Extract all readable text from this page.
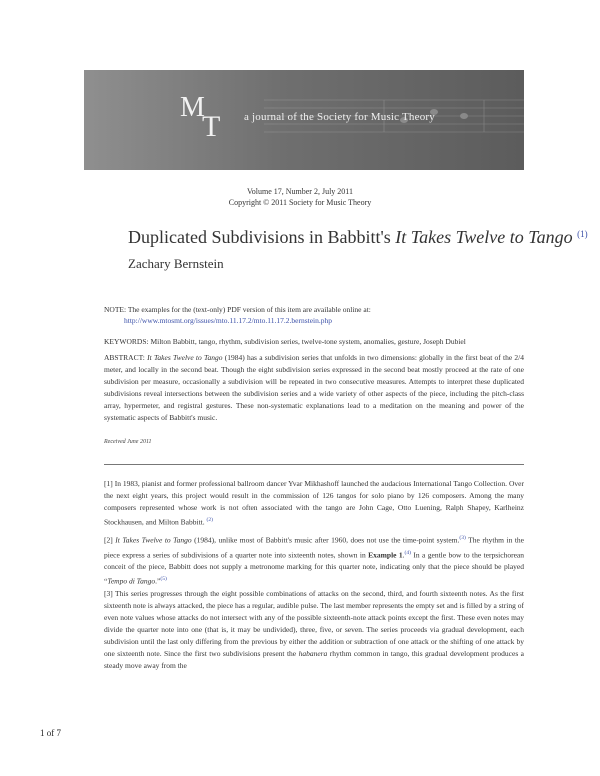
M
T a journal of the Society for Music Theory
Volume 17, Number 2, July 2011
Copyright © 2011 Society for Music Theory
Duplicated Subdivisions in Babbitt's It Takes Twelve to Tango $^{(1)}$
Zachary Bernstein
NOTE: The examples for the (text-only) PDF version of this item are available online at:
http://www.mtosmt.org/issues/mto.11.17.2/mto.11.17.2.bernstein.php
KEYWORDS: Milton Babbitt, tango, rhythm, subdivision series, twelve-tone system, anomalies, gesture, Joseph Dubiel
ABSTRACT: It Takes Twelve to Tango (1984) has a subdivision series that unfolds in two dimensions: globally in the first beat of the 2/4 meter, and locally in the second beat. Though the eight subdivision series expressed in the second beat mostly proceed at the rate of one subdivision per measure, occasionally a subdivision will be repeated in two consecutive measures. Attempts to interpret these duplicated subdivisions reveal intersections between the subdivision series and a wide variety of other aspects of the piece, including the pitch-class array, hypermeter, and registral gestures. These non-systematic explanations lead to a meditation on the meaning and power of the systematic aspects of Babbitt's music.
Received June 2011
[1] In 1983, pianist and former professional ballroom dancer Yvar Mikhashoff launched the audacious International Tango Collection. Over the next eight years, this project would result in the commission of 126 tangos for solo piano by 126 composers. Among the many composers represented whose work is not often associated with the tango are John Cage, Otto Luening, Ralph Shapey, Karlheinz Stockhausen, and Milton Babbitt. $^{(2)}$
[2] It Takes Twelve to Tango (1984), unlike most of Babbitt's music after 1960, does not use the time-point system.$^{(3)}$ The rhythm in the piece express a series of subdivisions of a quarter note into sixteenth notes, shown in Example 1.$^{(4)}$ In a gentle bow to the terpsichorean conceit of the piece, Babbitt does not supply a metronome marking for this quarter note, indicating only that the piece should be played “Tempo di Tango.”$^{(5)}$
[3] This series progresses through the eight possible combinations of attacks on the second, third, and fourth sixteenth notes. As the first sixteenth note is always attacked, the piece has a regular, audible pulse. The last member represents the empty set and is filled by a string of even note values whose attacks do not intersect with any of the possible sixteenth-note attack points except the first. These even notes may divide the quarter note into one (that is, it may be undivided), three, five, or seven. The series proceeds via gradual development, each subdivision until the last only differing from the previous by either the addition or subtraction of one attack or the shifting of one attack by one sixteenth note. Since the first two subdivisions present the habanera rhythm common in tango, this gradual development produces a steady move away from the
1 of 7
